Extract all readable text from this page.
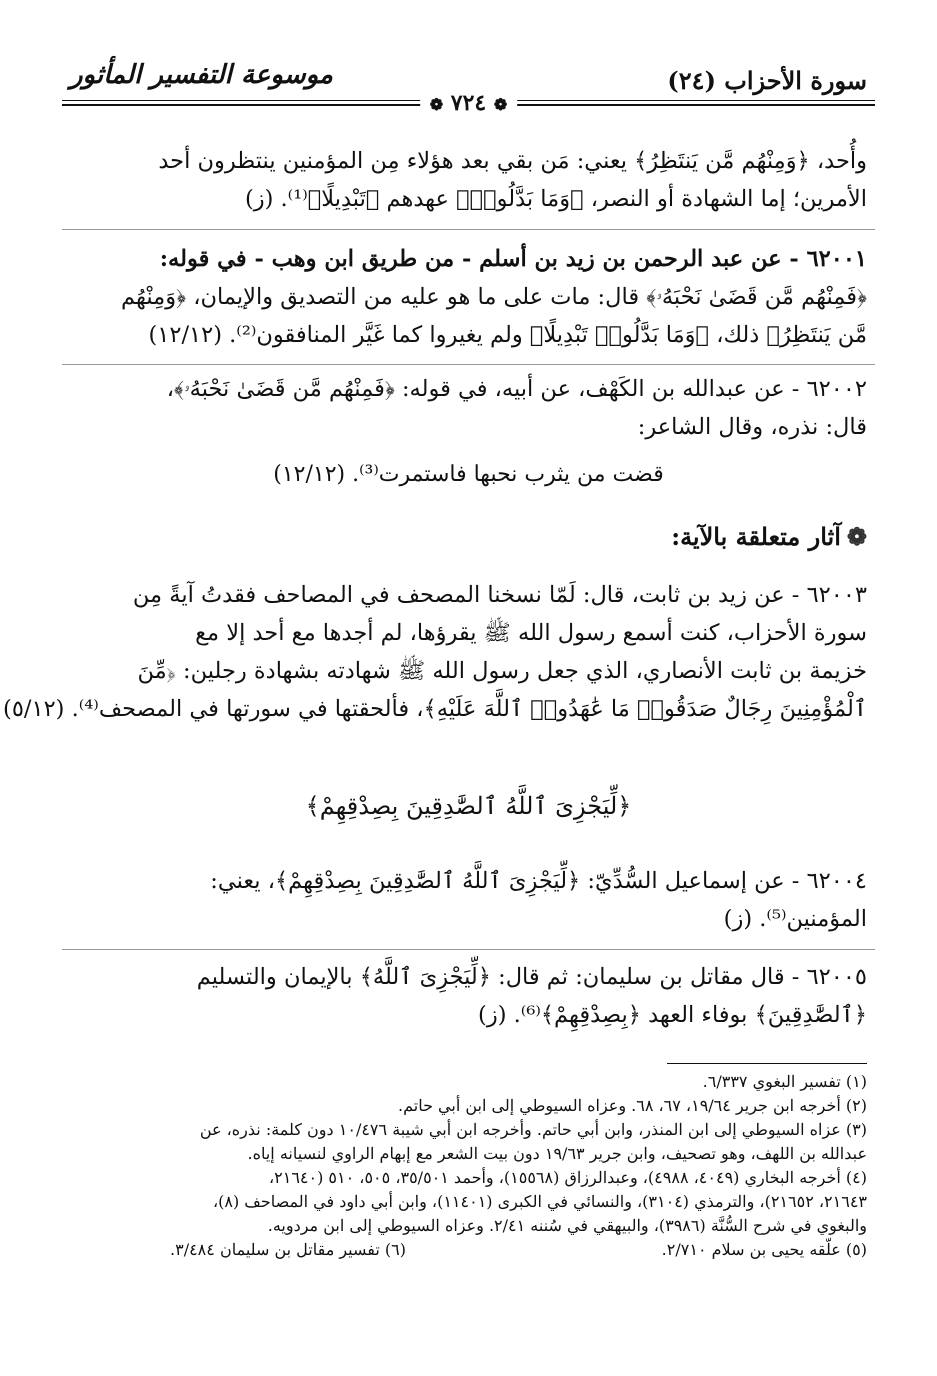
سورة الأحزاب (٢٤)
موسوعة التفسير المأثور
❁ ٧٢٤ ❁
وأُحد، ﴿وَمِنْهُم مَّن يَنتَظِرُ﴾ يعني: مَن بقي بعد هؤلاء مِن المؤمنين ينتظرون أحد
الأمرين؛ إما الشهادة أو النصر، ﴿وَمَا بَدَّلُوا۟﴾ عهدهم ﴿تَبْدِيلًا﴾⁽¹⁾. (ز)
٦٢٠٠١ - عن عبد الرحمن بن زيد بن أسلم - من طريق ابن وهب - في قوله:
﴿فَمِنْهُم مَّن قَضَىٰ نَحْبَهُۥ﴾ قال: مات على ما هو عليه من التصديق والإيمان، ﴿وَمِنْهُم
مَّن يَنتَظِرُ﴾ ذلك، ﴿وَمَا بَدَّلُوا۟ تَبْدِيلًا﴾ ولم يغيروا كما غَيَّر المنافقون⁽²⁾. (١٢/١٢)
٦٢٠٠٢ - عن عبدالله بن الكَهْف، عن أبيه، في قوله: ﴿فَمِنْهُم مَّن قَضَىٰ نَحْبَهُۥ﴾،
قال: نذره، وقال الشاعر:
قضت من يثرب نحبها فاستمرت⁽³⁾. (١٢/١٢)
❁آثار متعلقة بالآية:
٦٢٠٠٣ - عن زيد بن ثابت، قال: لَمّا نسخنا المصحف في المصاحف فقدتُ آيةً مِن
سورة الأحزاب، كنت أسمع رسول الله ﷺ يقرؤها، لم أجدها مع أحد إلا مع
خزيمة بن ثابت الأنصاري، الذي جعل رسول الله ﷺ شهادته بشهادة رجلين: ﴿مِّنَ
ٱلْمُؤْمِنِينَ رِجَالٌ صَدَقُوا۟ مَا عَٰهَدُوا۟ ٱللَّهَ عَلَيْهِ﴾، فألحقتها في سورتها في المصحف⁽⁴⁾. (٥/١٢)
﴿لِّيَجْزِىَ ٱللَّهُ ٱلصَّٰدِقِينَ بِصِدْقِهِمْ﴾
٦٢٠٠٤ - عن إسماعيل السُّدِّيّ: ﴿لِّيَجْزِىَ ٱللَّهُ ٱلصَّٰدِقِينَ بِصِدْقِهِمْ﴾، يعني:
المؤمنين⁽⁵⁾. (ز)
٦٢٠٠٥ - قال مقاتل بن سليمان: ثم قال: ﴿لِّيَجْزِىَ ٱللَّهُ﴾ بالإيمان والتسليم
﴿ٱلصَّٰدِقِينَ﴾ بوفاء العهد ﴿بِصِدْقِهِمْ﴾⁽⁶⁾. (ز)
(١) تفسير البغوي ٦/٣٣٧.
(٢) أخرجه ابن جرير ١٩/٦٤، ٦٧، ٦٨. وعزاه السيوطي إلى ابن أبي حاتم.
(٣) عزاه السيوطي إلى ابن المنذر، وابن أبي حاتم. وأخرجه ابن أبي شيبة ١٠/٤٧٦ دون كلمة: نذره، عن
عبدالله بن اللهف، وهو تصحيف، وابن جرير ١٩/٦٣ دون بيت الشعر مع إبهام الراوي لنسيانه إياه.
(٤) أخرجه البخاري (٤٠٤٩، ٤٩٨٨)، وعبدالرزاق (١٥٥٦٨)، وأحمد ٣٥/٥٠١، ٥٠٥، ٥١٠ (٢١٦٤٠،
٢١٦٤٣، ٢١٦٥٢)، والترمذي (٣١٠٤)، والنسائي في الكبرى (١١٤٠١)، وابن أبي داود في المصاحف (٨)،
والبغوي في شرح السُّنَّة (٣٩٨٦)، والبيهقي في سُننه ٢/٤١. وعزاه السيوطي إلى ابن مردويه.
(٥) علّقه يحيى بن سلام ٢/٧١٠.
(٦) تفسير مقاتل بن سليمان ٣/٤٨٤.
